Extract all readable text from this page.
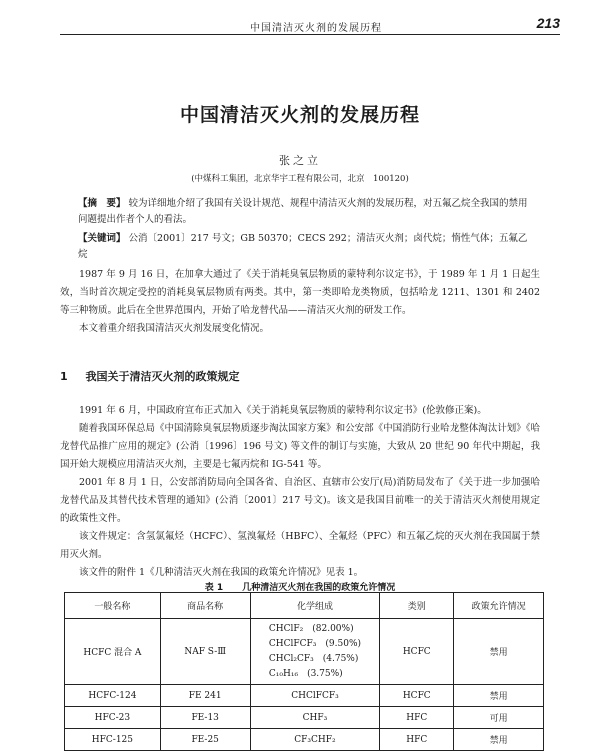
中国清洁灭火剂的发展历程	213
中国清洁灭火剂的发展历程
张之立
(中煤科工集团，北京华宇工程有限公司，北京　100120)

【摘　要】 较为详细地介绍了我国有关设计规范、规程中清洁灭火剂的发展历程，对五氟乙烷全我国的禁用问题提出作者个人的看法。

【关键词】 公消〔2001〕217 号文；GB 50370；CECS 292；清洁灭火剂；卤代烷；惰性气体；五氟乙烷

1987 年 9 月 16 日，在加拿大通过了《关于消耗臭氧层物质的蒙特利尔议定书》，于 1989 年 1 月 1 日起生效，当时首次规定受控的消耗臭氧层物质有两类。其中，第一类即哈龙类物质，包括哈龙 1211、1301 和 2402 等三种物质。此后在全世界范围内，开始了哈龙替代品——清洁灭火剂的研发工作。

本文着重介绍我国清洁灭火剂发展变化情况。

1 我国关于清洁灭火剂的政策规定

1991 年 6 月，中国政府宣布正式加入《关于消耗臭氧层物质的蒙特利尔议定书》(伦敦修正案)。

随着我国环保总局《中国清除臭氧层物质逐步淘汰国家方案》和公安部《中国消防行业哈龙整体淘汰计划》《哈龙替代品推广应用的规定》(公消〔1996〕196 号文) 等文件的制订与实施，大致从 20 世纪 90 年代中期起，我国开始大规模应用清洁灭火剂，主要是七氟丙烷和 IG-541 等。

2001 年 8 月 1 日，公安部消防局向全国各省、自治区、直辖市公安厅(局)消防局发布了《关于进一步加强哈龙替代品及其替代技术管理的通知》(公消〔2001〕217 号文)。该文是我国目前唯一的关于清洁灭火剂使用规定的政策性文件。

该文件规定：含氢氯氟烃（HCFC）、氢溴氟烃（HBFC）、全氟烃（PFC）和五氟乙烷的灭火剂在我国属于禁用灭火剂。

该文件的附件 1《几种清洁灭火剂在我国的政策允许情况》见表 1。

表 1 几种清洁灭火剂在我国的政策允许情况
一般名称	商品名称	化学组成	类别	政策允许情况
HCFC 混合 A	NAF S-Ⅲ	CHClF₂　(82.00%)
CHClFCF₃　(9.50%)
CHCl₂CF₃　(4.75%)
C₁₀H₁₆　(3.75%)	HCFC	禁用
HCFC-124	FE 241	CHClFCF₃	HCFC	禁用
HFC-23	FE-13	CHF₃	HFC	可用
HFC-125	FE-25	CF₃CHF₂	HFC	禁用
